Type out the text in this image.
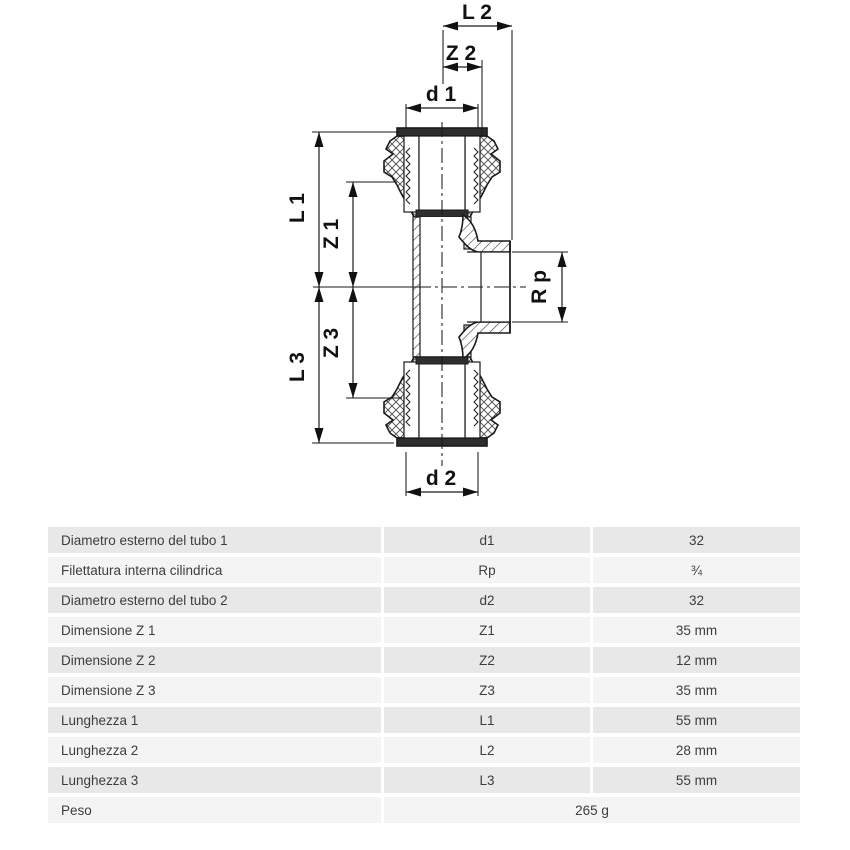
L 2
Z 2
d 1
d 2
L 1
Z 1
L 3
Z 3
R p
Diametro esterno del tubo 1	d1	32
Filettatura interna cilindrica	Rp	¾
Diametro esterno del tubo 2	d2	32
Dimensione Z 1	Z1	35 mm
Dimensione Z 2	Z2	12 mm
Dimensione Z 3	Z3	35 mm
Lunghezza 1	L1	55 mm
Lunghezza 2	L2	28 mm
Lunghezza 3	L3	55 mm
Peso	265 g
